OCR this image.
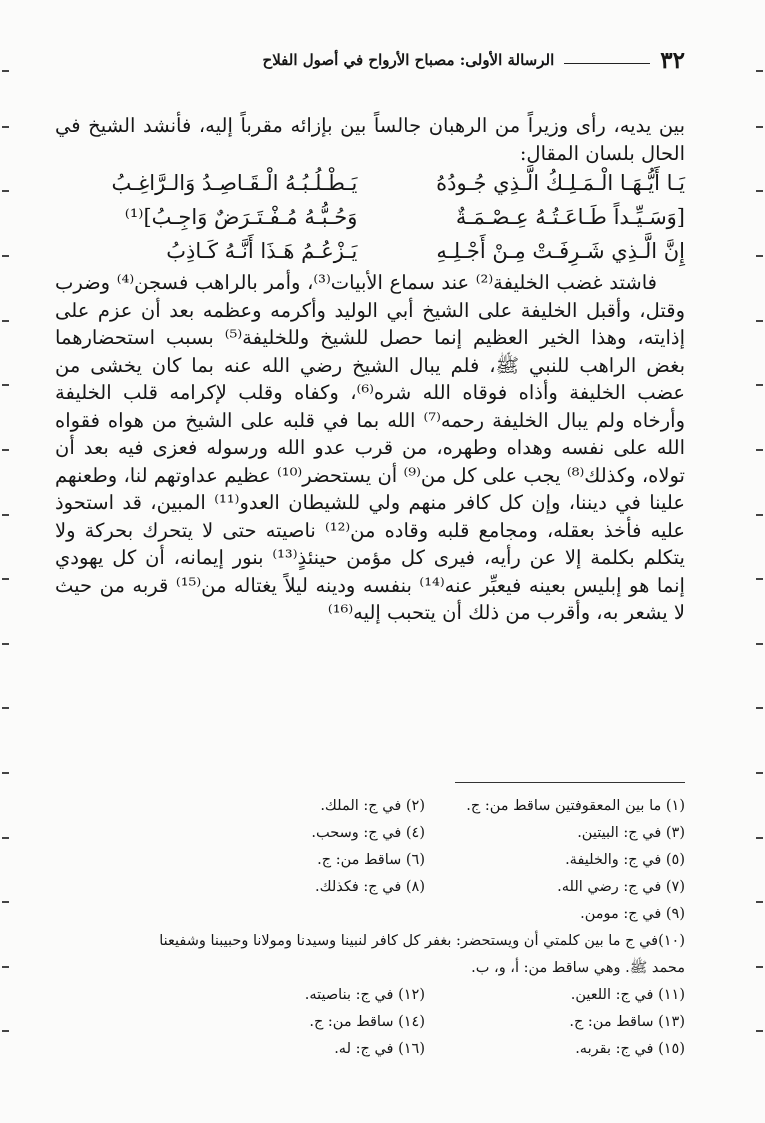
٣٢
الرسالة الأولى: مصباح الأرواح في أصول الفلاح

بين يديه، رأى وزيراً من الرهبان جالساً بين بإزائه مقرباً إليه، فأنشد الشيخ في الحال بلسان المقال:

يَـا أَيُّـهَـا الْـمَـلِـكُ الَّـذِي جُـودُهُ
يَـطْـلُـبُـهُ الْـقَـاصِـدُ وَالـرَّاغِـبُ
[وَسَـيِّـداً طَـاعَـتُـهُ عِـصْـمَـةٌ
وَحُـبُّـهُ مُـفْـتَـرَضٌ وَاجِـبُ]⁽¹⁾
إِنَّ الَّـذِي شَـرِفَـتْ مِـنْ أَجْـلِـهِ
يَـزْعُـمُ هَـذَا أَنَّـهُ كَـاذِبُ

فاشتد غضب الخليفة⁽²⁾ عند سماع الأبيات⁽³⁾، وأمر بالراهب فسجن⁽⁴⁾ وضرب وقتل، وأقبل الخليفة على الشيخ أبي الوليد وأكرمه وعظمه بعد أن عزم على إذايته، وهذا الخير العظيم إنما حصل للشيخ وللخليفة⁽⁵⁾ بسبب استحضارهما بغض الراهب للنبي ﷺ، فلم يبال الشيخ رضي الله عنه بما كان يخشى من عضب الخليفة وأذاه فوقاه الله شره⁽⁶⁾، وكفاه وقلب لإكرامه قلب الخليفة وأرخاه ولم يبال الخليفة رحمه⁽⁷⁾ الله بما في قلبه على الشيخ من هواه فقواه الله على نفسه وهداه وطهره، من قرب عدو الله ورسوله فعزى فيه بعد أن تولاه، وكذلك⁽⁸⁾ يجب على كل من⁽⁹⁾ أن يستحضر⁽¹⁰⁾ عظيم عداوتهم لنا، وطعنهم علينا في ديننا، وإن كل كافر منهم ولي للشيطان العدو⁽¹¹⁾ المبين، قد استحوذ عليه فأخذ بعقله، ومجامع قلبه وقاده من⁽¹²⁾ ناصيته حتى لا يتحرك بحركة ولا يتكلم بكلمة إلا عن رأيه، فيرى كل مؤمن حينئذٍ⁽¹³⁾ بنور إيمانه، أن كل يهودي إنما هو إبليس بعينه فيعبِّر عنه⁽¹⁴⁾ بنفسه ودينه ليلاً يغتاله من⁽¹⁵⁾ قربه من حيث لا يشعر به، وأقرب من ذلك أن يتحبب إليه⁽¹⁶⁾

(١) ما بين المعقوفتين ساقط من: ج.
(٢) في ج: الملك.
(٣) في ج: البيتين.
(٤) في ج: وسحب.
(٥) في ج: والخليفة.
(٦) ساقط من: ج.
(٧) في ج: رضي الله.
(٨) في ج: فكذلك.
(٩) في ج: مومن.
(١٠)في ج ما بين كلمتي أن ويستحضر: بغفر كل كافر لنبينا وسيدنا ومولانا وحبيبنا وشفيعنا
محمد ﷺ. وهي ساقط من: أ، و، ب.
(١١) في ج: اللعين.
(١٢) في ج: بناصيته.
(١٣) ساقط من: ج.
(١٤) ساقط من: ج.
(١٥) في ج: بقربه.
(١٦) في ج: له.
